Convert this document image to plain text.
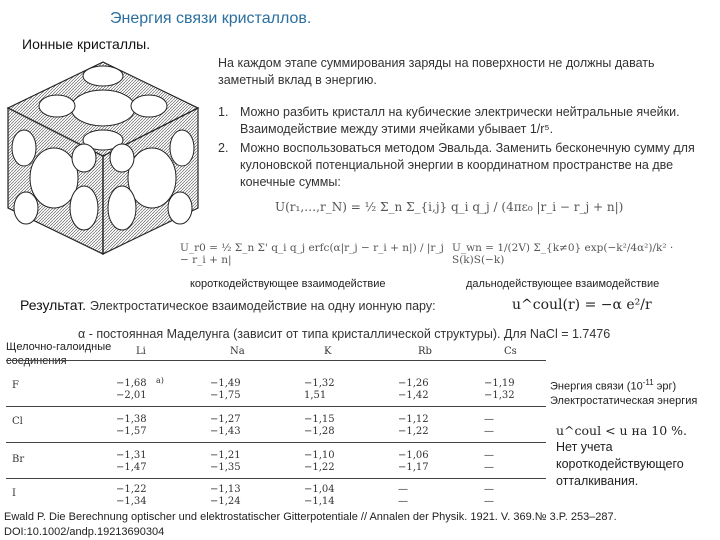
Энергия связи кристаллов.
Ионные кристаллы.
На каждом этапе суммирования заряды на поверхности не должны давать заметный вклад в энергию.
1. Можно разбить кристалл на кубические электрически нейтральные ячейки. Взаимодействие между этими ячейками убывает 1/r⁵.
2. Можно воспользоваться методом Эвальда. Заменить бесконечную сумму для кулоновской потенциальной энергии в координатном пространстве на две конечные суммы:
U(r₁,…,r_N) = ½ Σ_n Σ_{i,j} q_i q_j / (4πε₀ |r_i − r_j + n|)
U_r0 = ½ Σ_n Σ' q_i q_j erfc(α|r_j − r_i + n|) / |r_j − r_i + n|
U_wn = 1/(2V) Σ_{k≠0} exp(−k²/4α²)/k² · S(k)S(−k)
короткодействующее взаимодействие	дальнодействующее взаимодействие
Результат. Электростатическое взаимодействие на одну ионную пару:	u^coul(r) = −α e²/r
α - постоянная Маделунга (зависит от типа кристаллической структуры). Для NaCl = 1.7476
Щелочно-галоидные
соединения
Li	Na	K	Rb	Cs
F	−1,68 а)	−1,49	−1,32	−1,26	−1,19
−2,01	−1,75	1,51	−1,42	−1,32
Cl	−1,38	−1,27	−1,15	−1,12	—
−1,57	−1,43	−1,28	−1,22	—
Br	−1,31	−1,21	−1,10	−1,06	—
−1,47	−1,35	−1,22	−1,17	—
I	−1,22	−1,13	−1,04	—	—
−1,34	−1,24	−1,14	—	—
Энергия связи ($10^{-11}$ эрг)
Электростатическая энергия
u^coul < u на 10 %.
Нет учета короткодействующего отталкивания.
Ewald P. Die Berechnung optischer und elektrostatischer Gitterpotentiale // Annalen der Physik. 1921. V. 369.№ 3.P. 253–287.
DOI:10.1002/andp.19213690304
